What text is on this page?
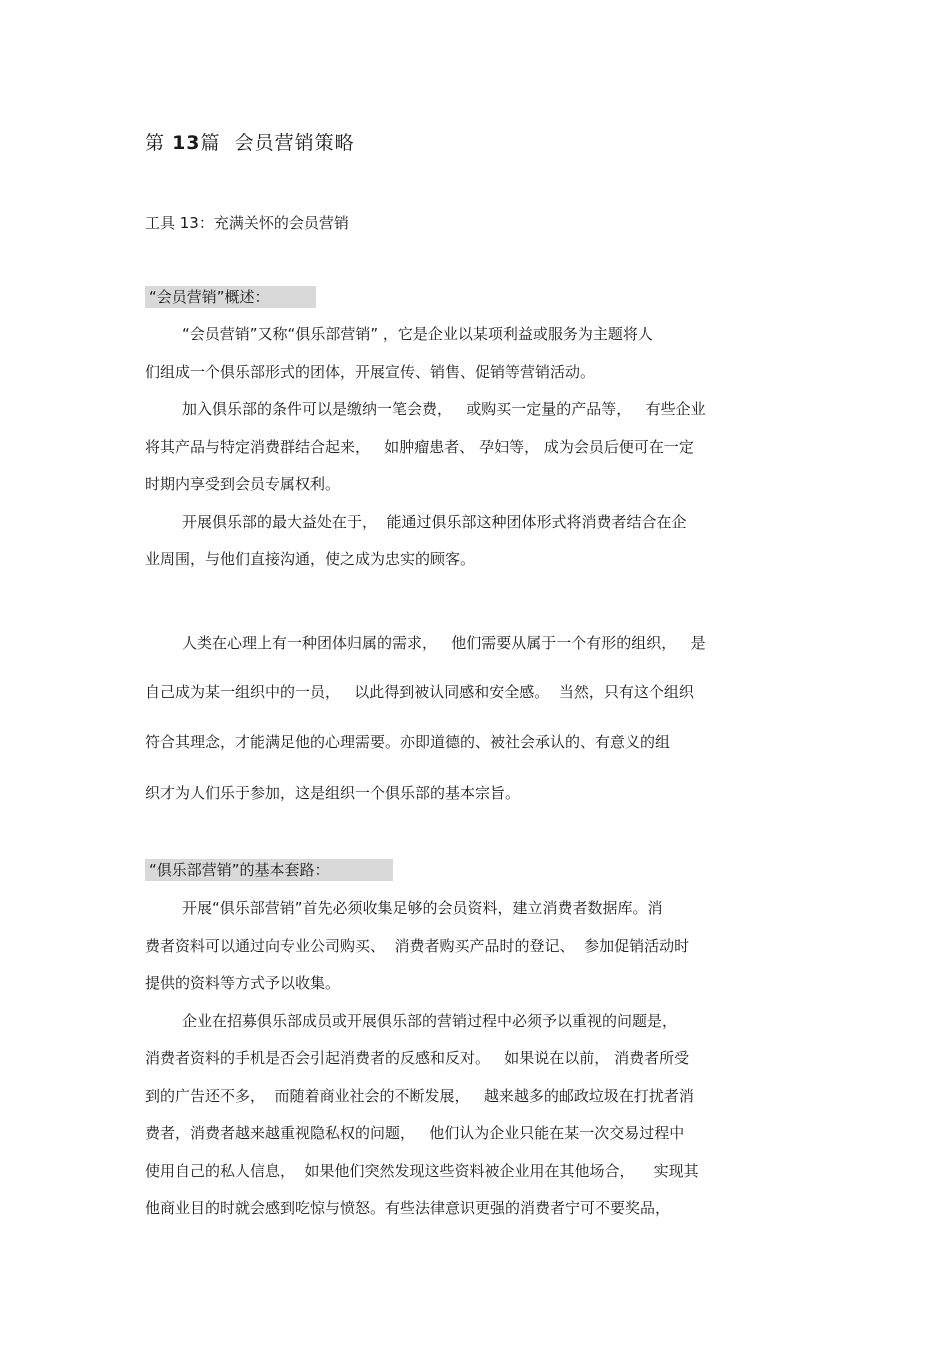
第 13篇 会员营销策略
工具 13：充满关怀的会员营销
“会员营销”概述：
“会员营销”又称“俱乐部营销” ，它是企业以某项利益或服务为主题将人
们组成一个俱乐部形式的团体，开展宣传、销售、促销等营销活动。
加入俱乐部的条件可以是缴纳一笔会费，   或购买一定量的产品等，   有些企业
将其产品与特定消费群结合起来，   如肿瘤患者、 孕妇等， 成为会员后便可在一定
时期内享受到会员专属权利。
开展俱乐部的最大益处在于，  能通过俱乐部这种团体形式将消费者结合在企
业周围，与他们直接沟通，使之成为忠实的顾客。
人类在心理上有一种团体归属的需求，   他们需要从属于一个有形的组织，   是
自己成为某一组织中的一员，   以此得到被认同感和安全感。  当然，只有这个组织
符合其理念，才能满足他的心理需要。亦即道德的、被社会承认的、有意义的组
织才为人们乐于参加，这是组织一个俱乐部的基本宗旨。
“俱乐部营销”的基本套路：
开展“俱乐部营销”首先必须收集足够的会员资料，建立消费者数据库。消
费者资料可以通过向专业公司购买、  消费者购买产品时的登记、  参加促销活动时
提供的资料等方式予以收集。
企业在招募俱乐部成员或开展俱乐部的营销过程中必须予以重视的问题是，
消费者资料的手机是否会引起消费者的反感和反对。   如果说在以前， 消费者所受
到的广告还不多，  而随着商业社会的不断发展，   越来越多的邮政垃圾在打扰者消
费者，消费者越来越重视隐私权的问题，   他们认为企业只能在某一次交易过程中
使用自己的私人信息，  如果他们突然发现这些资料被企业用在其他场合，    实现其
他商业目的时就会感到吃惊与愤怒。有些法律意识更强的消费者宁可不要奖品，
